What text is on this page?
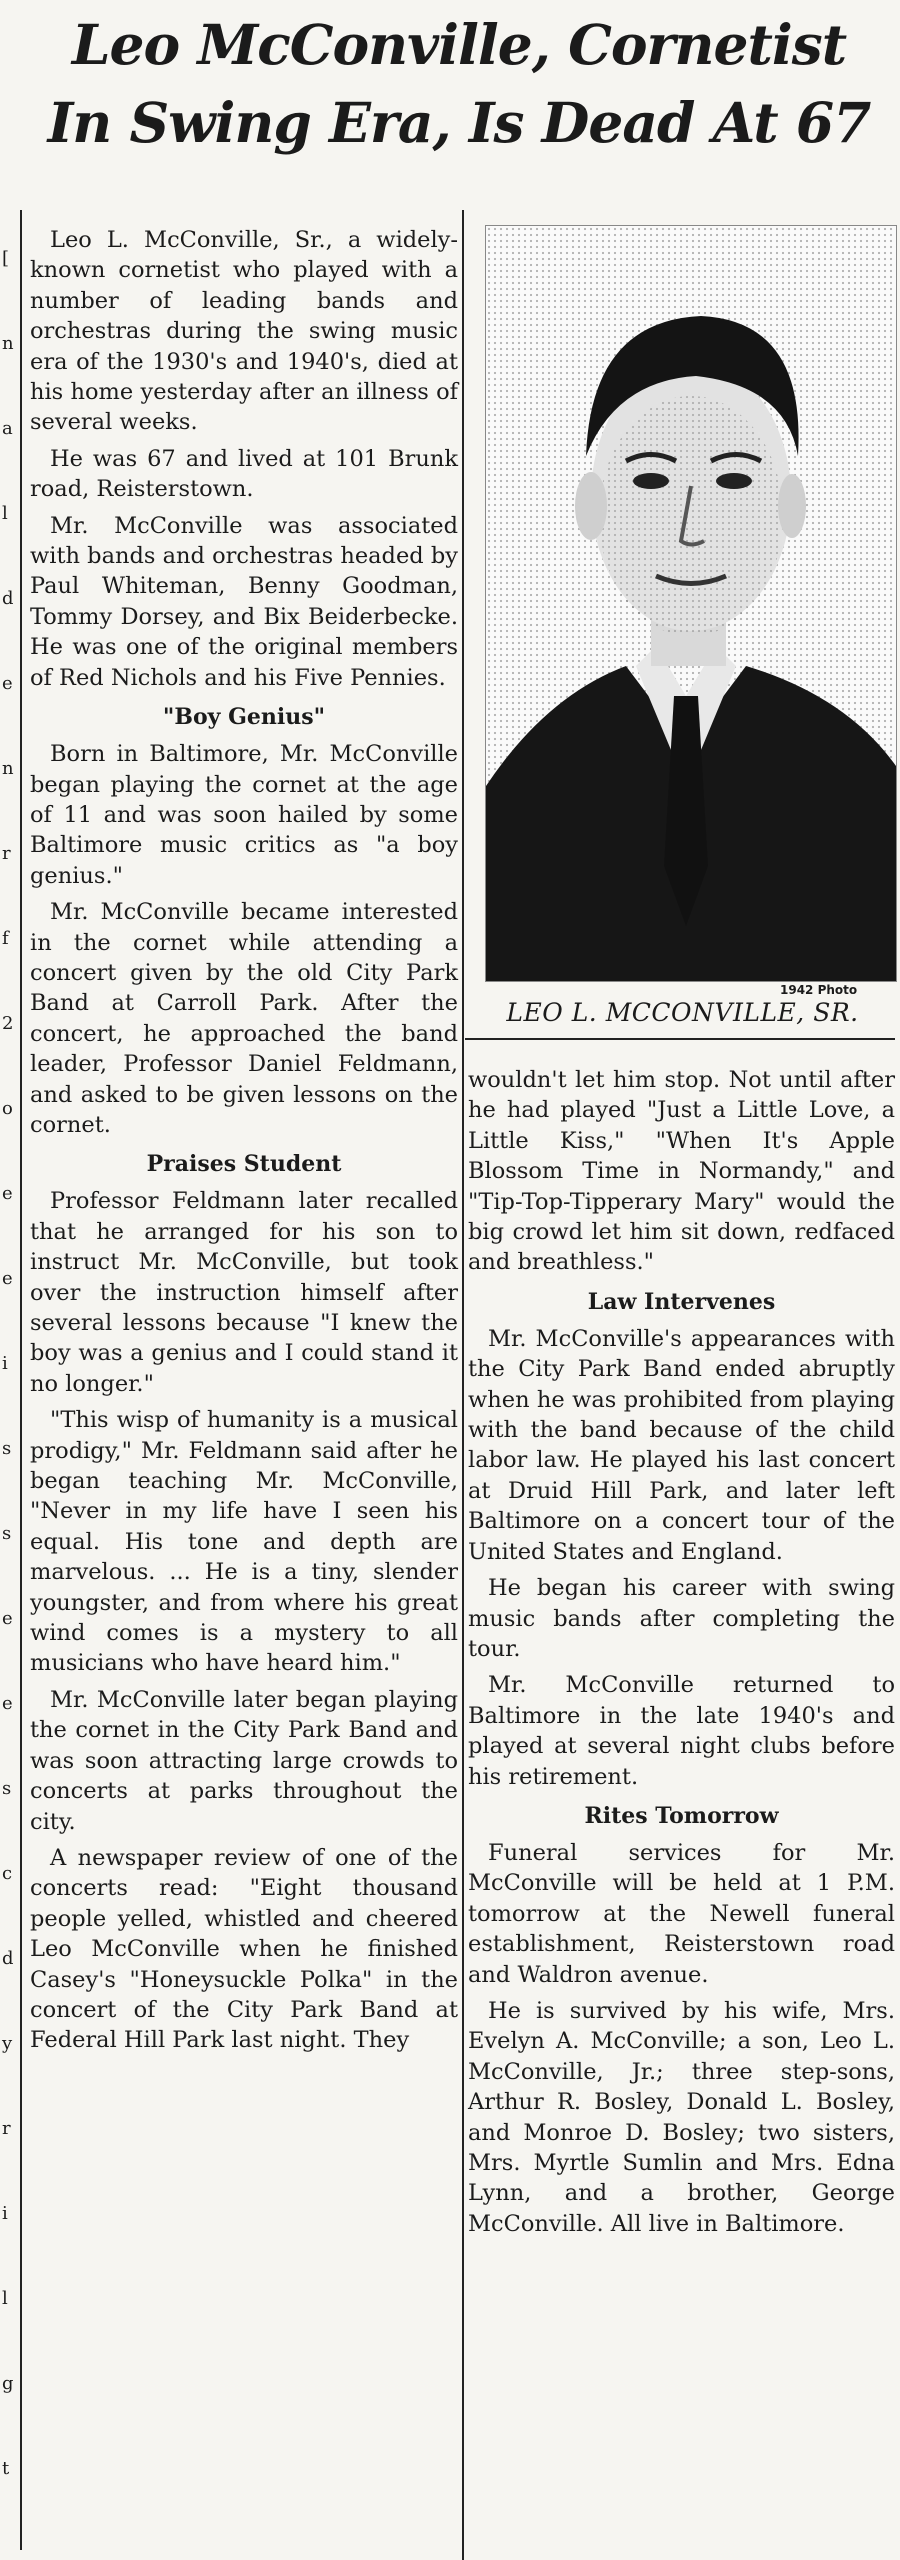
Leo McConville, Cornetist
In Swing Era, Is Dead At 67
[
n
a
l
d
e
n
r
f
2
o
e
e
i
s
s
e
e
s
c
d
y
r
i
l
g
t

Leo L. McConville, Sr., a widely-known cornetist who played with a number of leading bands and orchestras during the swing music era of the 1930's and 1940's, died at his home yesterday after an illness of several weeks.

He was 67 and lived at 101 Brunk road, Reisterstown.

Mr. McConville was associated with bands and orchestras headed by Paul Whiteman, Benny Goodman, Tommy Dorsey, and Bix Beiderbecke. He was one of the original members of Red Nichols and his Five Pennies.

"Boy Genius"

Born in Baltimore, Mr. McConville began playing the cornet at the age of 11 and was soon hailed by some Baltimore music critics as "a boy genius."

Mr. McConville became interested in the cornet while attending a concert given by the old City Park Band at Carroll Park. After the concert, he approached the band leader, Professor Daniel Feldmann, and asked to be given lessons on the cornet.

Praises Student

Professor Feldmann later recalled that he arranged for his son to instruct Mr. McConville, but took over the instruction himself after several lessons because "I knew the boy was a genius and I could stand it no longer."

"This wisp of humanity is a musical prodigy," Mr. Feldmann said after he began teaching Mr. McConville, "Never in my life have I seen his equal. His tone and depth are marvelous. ... He is a tiny, slender youngster, and from where his great wind comes is a mystery to all musicians who have heard him."

Mr. McConville later began playing the cornet in the City Park Band and was soon attracting large crowds to concerts at parks throughout the city.

A newspaper review of one of the concerts read: "Eight thousand people yelled, whistled and cheered Leo McConville when he finished Casey's "Honeysuckle Polka" in the concert of the City Park Band at Federal Hill Park last night. They

1942 Photo
LEO L. MCCONVILLE, SR.

wouldn't let him stop. Not until after he had played "Just a Little Love, a Little Kiss," "When It's Apple Blossom Time in Normandy," and "Tip-Top-Tipperary Mary" would the big crowd let him sit down, redfaced and breathless."

Law Intervenes

Mr. McConville's appearances with the City Park Band ended abruptly when he was prohibited from playing with the band because of the child labor law. He played his last concert at Druid Hill Park, and later left Baltimore on a concert tour of the United States and England.

He began his career with swing music bands after completing the tour.

Mr. McConville returned to Baltimore in the late 1940's and played at several night clubs before his retirement.

Rites Tomorrow

Funeral services for Mr. McConville will be held at 1 P.M. tomorrow at the Newell funeral establishment, Reisterstown road and Waldron avenue.

He is survived by his wife, Mrs. Evelyn A. McConville; a son, Leo L. McConville, Jr.; three step-sons, Arthur R. Bosley, Donald L. Bosley, and Monroe D. Bosley; two sisters, Mrs. Myrtle Sumlin and Mrs. Edna Lynn, and a brother, George McConville. All live in Baltimore.
